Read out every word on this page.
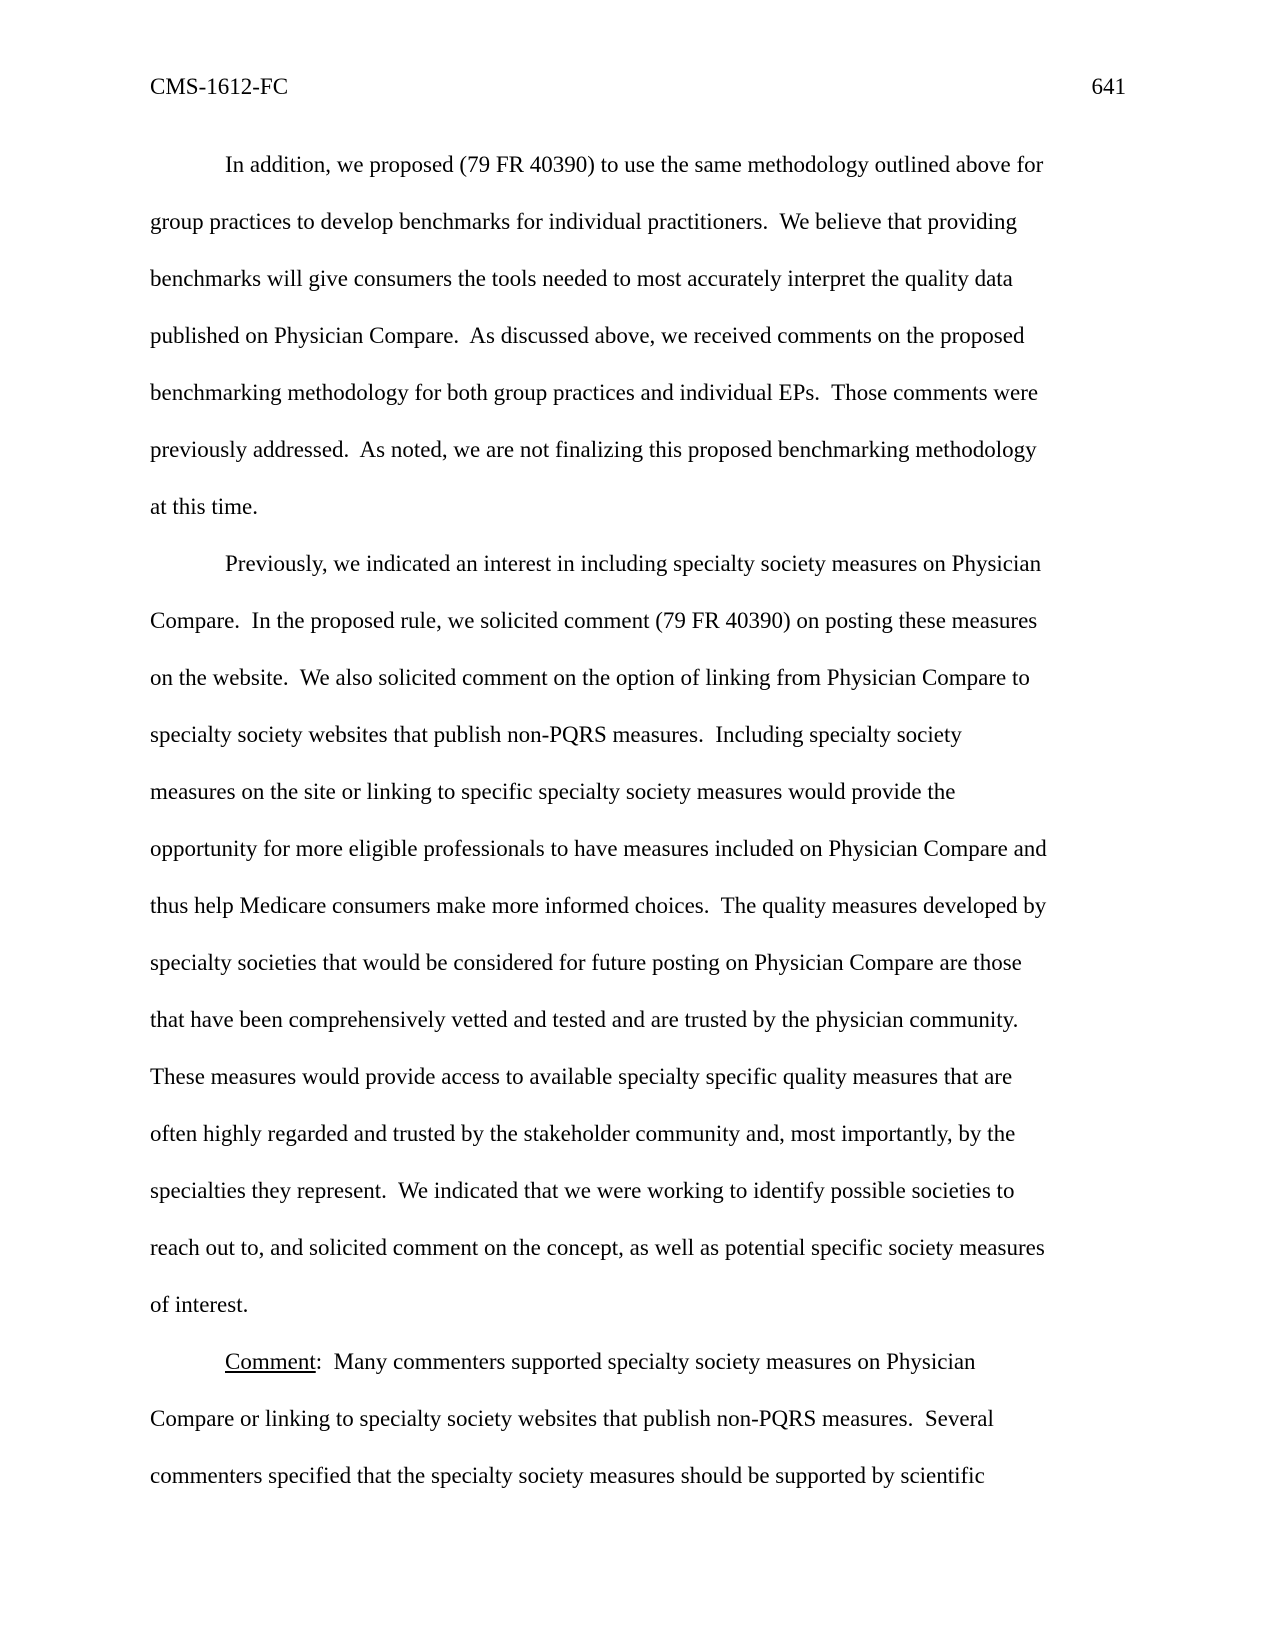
CMS-1612-FC	641
In addition, we proposed (79 FR 40390) to use the same methodology outlined above for
group practices to develop benchmarks for individual practitioners.  We believe that providing
benchmarks will give consumers the tools needed to most accurately interpret the quality data
published on Physician Compare.  As discussed above, we received comments on the proposed
benchmarking methodology for both group practices and individual EPs.  Those comments were
previously addressed.  As noted, we are not finalizing this proposed benchmarking methodology
at this time.
Previously, we indicated an interest in including specialty society measures on Physician
Compare.  In the proposed rule, we solicited comment (79 FR 40390) on posting these measures
on the website.  We also solicited comment on the option of linking from Physician Compare to
specialty society websites that publish non-PQRS measures.  Including specialty society
measures on the site or linking to specific specialty society measures would provide the
opportunity for more eligible professionals to have measures included on Physician Compare and
thus help Medicare consumers make more informed choices.  The quality measures developed by
specialty societies that would be considered for future posting on Physician Compare are those
that have been comprehensively vetted and tested and are trusted by the physician community.
These measures would provide access to available specialty specific quality measures that are
often highly regarded and trusted by the stakeholder community and, most importantly, by the
specialties they represent.  We indicated that we were working to identify possible societies to
reach out to, and solicited comment on the concept, as well as potential specific society measures
of interest.
Comment:  Many commenters supported specialty society measures on Physician
Compare or linking to specialty society websites that publish non-PQRS measures.  Several
commenters specified that the specialty society measures should be supported by scientific
